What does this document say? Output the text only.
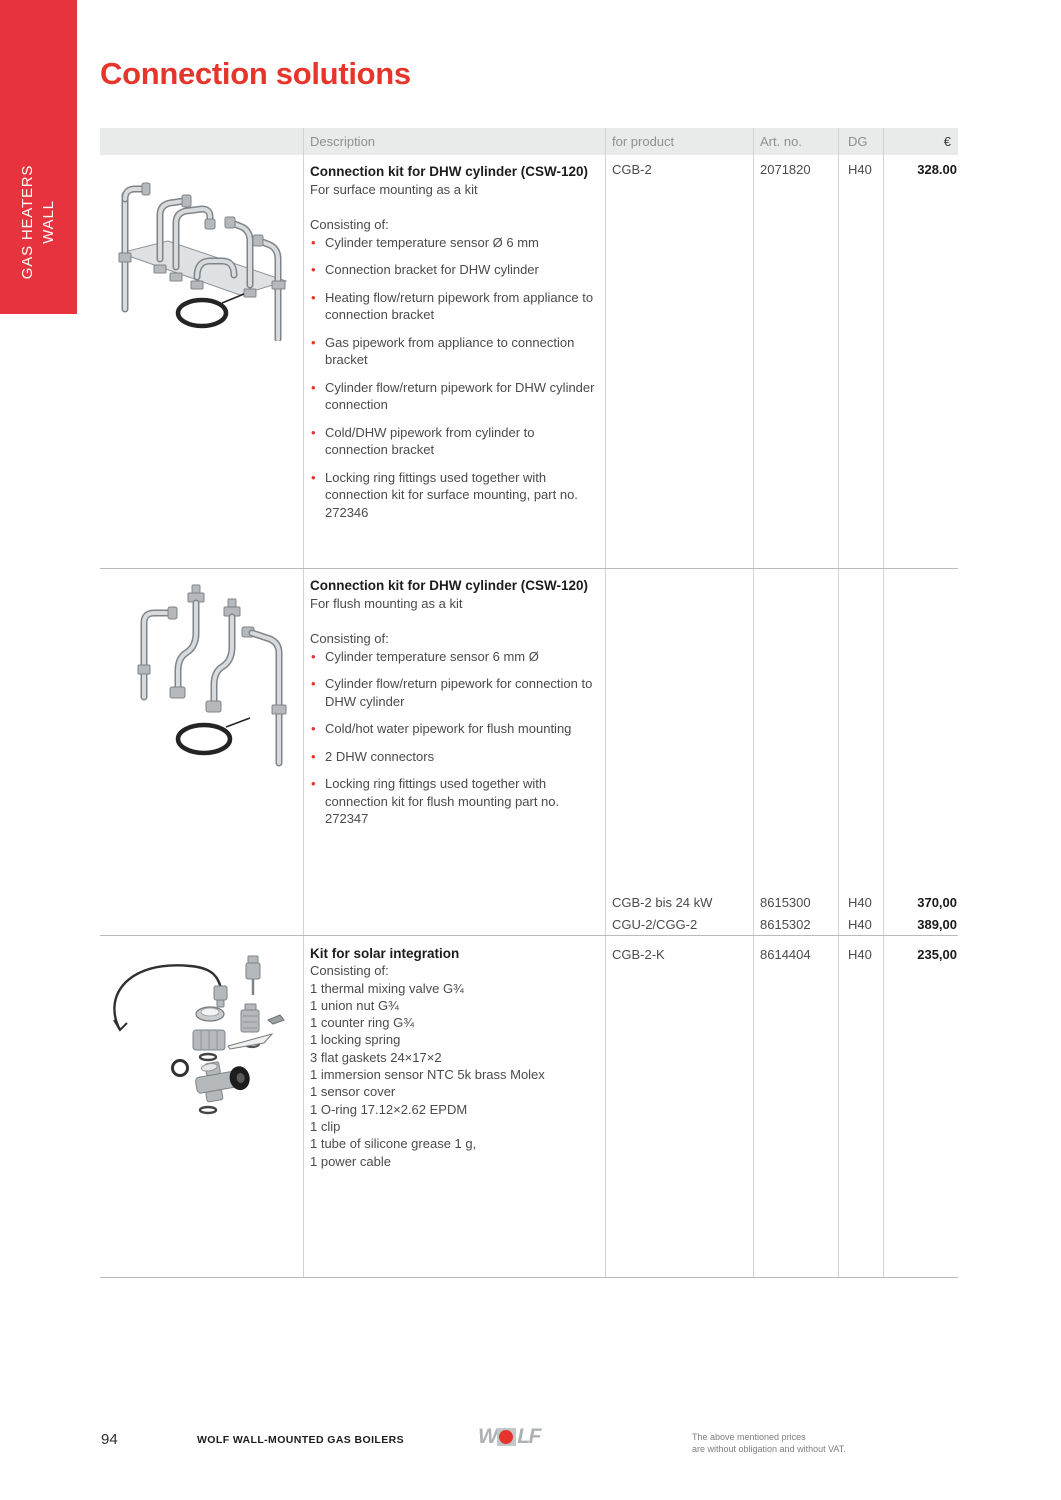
GAS HEATERS WALL
Connection solutions
Description	for product	Art. no.	DG	€
Connection kit for DHW cylinder (CSW-120)
For surface mounting as a kit
Consisting of:
• Cylinder temperature sensor Ø 6 mm
• Connection bracket for DHW cylinder
• Heating flow/return pipework from appliance to connection bracket
• Gas pipework from appliance to connection bracket
• Cylinder flow/return pipework for DHW cylinder connection
• Cold/DHW pipework from cylinder to connection bracket
• Locking ring fittings used together with connection kit for surface mounting, part no. 272346
CGB-2	2071820	H40	328.00
Connection kit for DHW cylinder (CSW-120)
For flush mounting as a kit
Consisting of:
• Cylinder temperature sensor 6 mm Ø
• Cylinder flow/return pipework for connection to DHW cylinder
• Cold/hot water pipework for flush mounting
• 2 DHW connectors
• Locking ring fittings used together with connection kit for flush mounting part no. 272347
CGB-2 bis 24 kW	8615300	H40	370,00
CGU-2/CGG-2	8615302	H40	389,00
Kit for solar integration
Consisting of:
1 thermal mixing valve G¾
1 union nut G¾
1 counter ring G¾
1 locking spring
3 flat gaskets 24×17×2
1 immersion sensor NTC 5k brass Molex
1 sensor cover
1 O-ring 17.12×2.62 EPDM
1 clip
1 tube of silicone grease 1 g,
1 power cable
CGB-2-K	8614404	H40	235,00
94	WOLF WALL-MOUNTED GAS BOILERS	W LF	The above mentioned prices
are without obligation and without VAT.
